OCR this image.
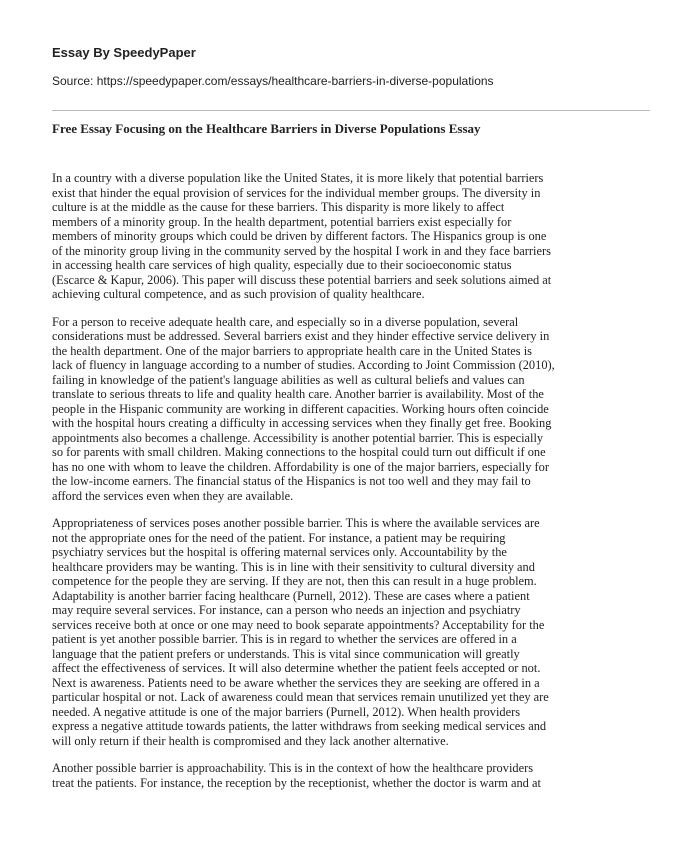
Essay By SpeedyPaper
Source: https://speedypaper.com/essays/healthcare-barriers-in-diverse-populations
Free Essay Focusing on the Healthcare Barriers in Diverse Populations Essay

In a country with a diverse population like the United States, it is more likely that potential barriers
exist that hinder the equal provision of services for the individual member groups. The diversity in
culture is at the middle as the cause for these barriers. This disparity is more likely to affect
members of a minority group. In the health department, potential barriers exist especially for
members of minority groups which could be driven by different factors. The Hispanics group is one
of the minority group living in the community served by the hospital I work in and they face barriers
in accessing health care services of high quality, especially due to their socioeconomic status
(Escarce & Kapur, 2006). This paper will discuss these potential barriers and seek solutions aimed at
achieving cultural competence, and as such provision of quality healthcare.

For a person to receive adequate health care, and especially so in a diverse population, several
considerations must be addressed. Several barriers exist and they hinder effective service delivery in
the health department. One of the major barriers to appropriate health care in the United States is
lack of fluency in language according to a number of studies. According to Joint Commission (2010),
failing in knowledge of the patient's language abilities as well as cultural beliefs and values can
translate to serious threats to life and quality health care. Another barrier is availability. Most of the
people in the Hispanic community are working in different capacities. Working hours often coincide
with the hospital hours creating a difficulty in accessing services when they finally get free. Booking
appointments also becomes a challenge. Accessibility is another potential barrier. This is especially
so for parents with small children. Making connections to the hospital could turn out difficult if one
has no one with whom to leave the children. Affordability is one of the major barriers, especially for
the low-income earners. The financial status of the Hispanics is not too well and they may fail to
afford the services even when they are available.

Appropriateness of services poses another possible barrier. This is where the available services are
not the appropriate ones for the need of the patient. For instance, a patient may be requiring
psychiatry services but the hospital is offering maternal services only. Accountability by the
healthcare providers may be wanting. This is in line with their sensitivity to cultural diversity and
competence for the people they are serving. If they are not, then this can result in a huge problem.
Adaptability is another barrier facing healthcare (Purnell, 2012). These are cases where a patient
may require several services. For instance, can a person who needs an injection and psychiatry
services receive both at once or one may need to book separate appointments? Acceptability for the
patient is yet another possible barrier. This is in regard to whether the services are offered in a
language that the patient prefers or understands. This is vital since communication will greatly
affect the effectiveness of services. It will also determine whether the patient feels accepted or not.
Next is awareness. Patients need to be aware whether the services they are seeking are offered in a
particular hospital or not. Lack of awareness could mean that services remain unutilized yet they are
needed. A negative attitude is one of the major barriers (Purnell, 2012). When health providers
express a negative attitude towards patients, the latter withdraws from seeking medical services and
will only return if their health is compromised and they lack another alternative.

Another possible barrier is approachability. This is in the context of how the healthcare providers
treat the patients. For instance, the reception by the receptionist, whether the doctor is warm and at
